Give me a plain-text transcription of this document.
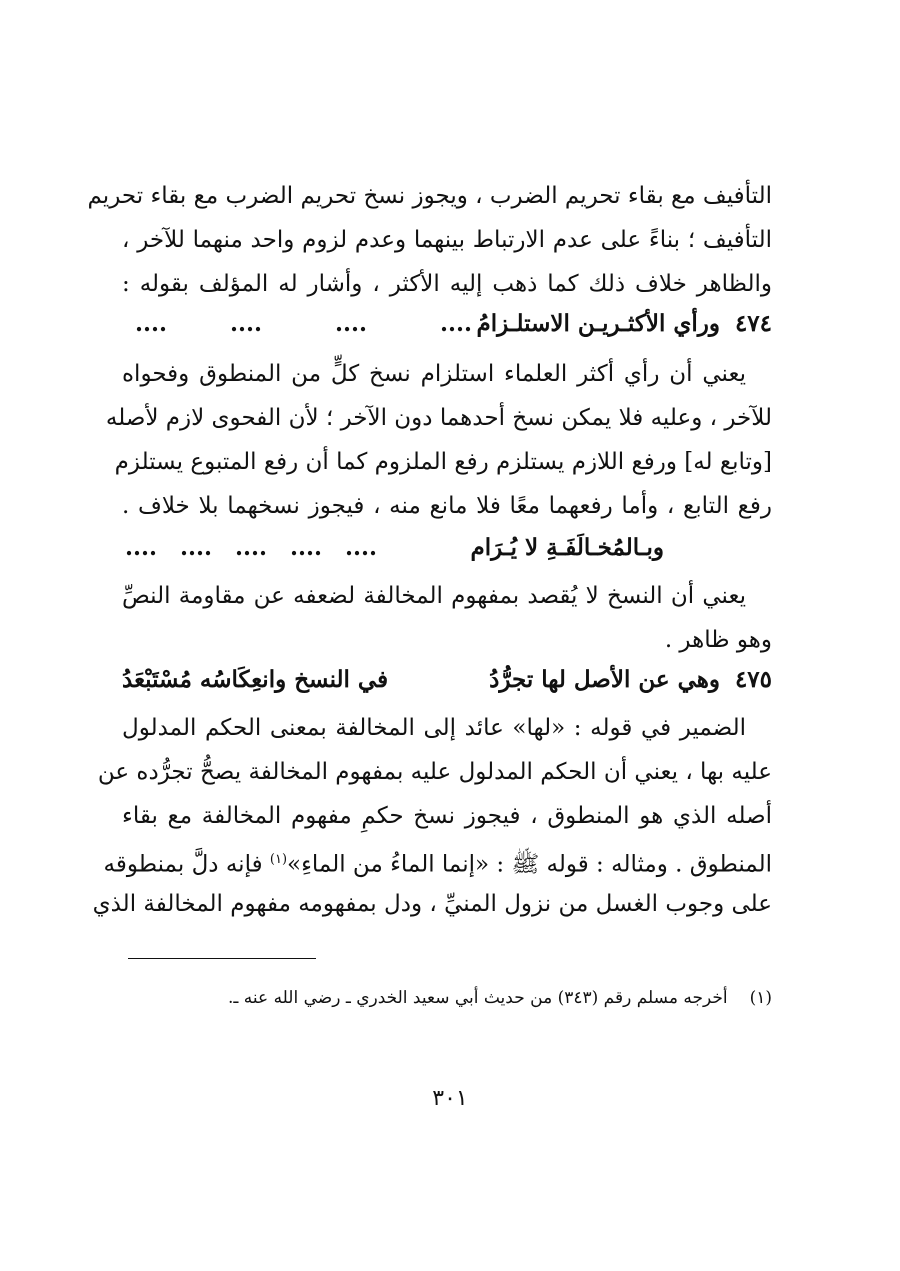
التأفيف مع بقاء تحريم الضرب ، ويجوز نسخ تحريم الضرب مع بقاء تحريم
التأفيف ؛ بناءً على عدم الارتباط بينهما وعدم لزوم واحد منهما للآخر ،
والظاهر خلاف ذلك كما ذهب إليه الأكثر ، وأشار له المؤلف بقوله :
٤٧٤
ورأي الأكثـريـن الاستلـزامُ
....
....
....
....
يعني أن رأي أكثر العلماء استلزام نسخ كلٍّ من المنطوق وفحواه
للآخر ، وعليه فلا يمكن نسخ أحدهما دون الآخر ؛ لأن الفحوى لازم لأصله
[وتابع له] ورفع اللازم يستلزم رفع الملزوم كما أن رفع المتبوع يستلزم
رفع التابع ، وأما رفعهما معًا فلا مانع منه ، فيجوز نسخهما بلا خلاف .
وبـالمُخـالَفَـةِ لا يُـرَام
....
....
....
....
....
يعني أن النسخ لا يُقصد بمفهوم المخالفة لضعفه عن مقاومة النصِّ
وهو ظاهر .
٤٧٥
وهي عن الأصل لها تجرُّدُ
في النسخ وانعِكَاسُه مُسْتَبْعَدُ
الضمير في قوله : «لها» عائد إلى المخالفة بمعنى الحكم المدلول
عليه بها ، يعني أن الحكم المدلول عليه بمفهوم المخالفة يصحُّ تجرُّده عن
أصله الذي هو المنطوق ، فيجوز نسخ حكمِ مفهوم المخالفة مع بقاء
المنطوق . ومثاله : قوله ﷺ : «إنما الماءُ من الماءِ»$^{(١)}$ فإنه دلَّ بمنطوقه
على وجوب الغسل من نزول المنيِّ ، ودل بمفهومه مفهوم المخالفة الذي
(١)أخرجه مسلم رقم (٣٤٣) من حديث أبي سعيد الخدري ـ رضي الله عنه ـ.
٣٠١
